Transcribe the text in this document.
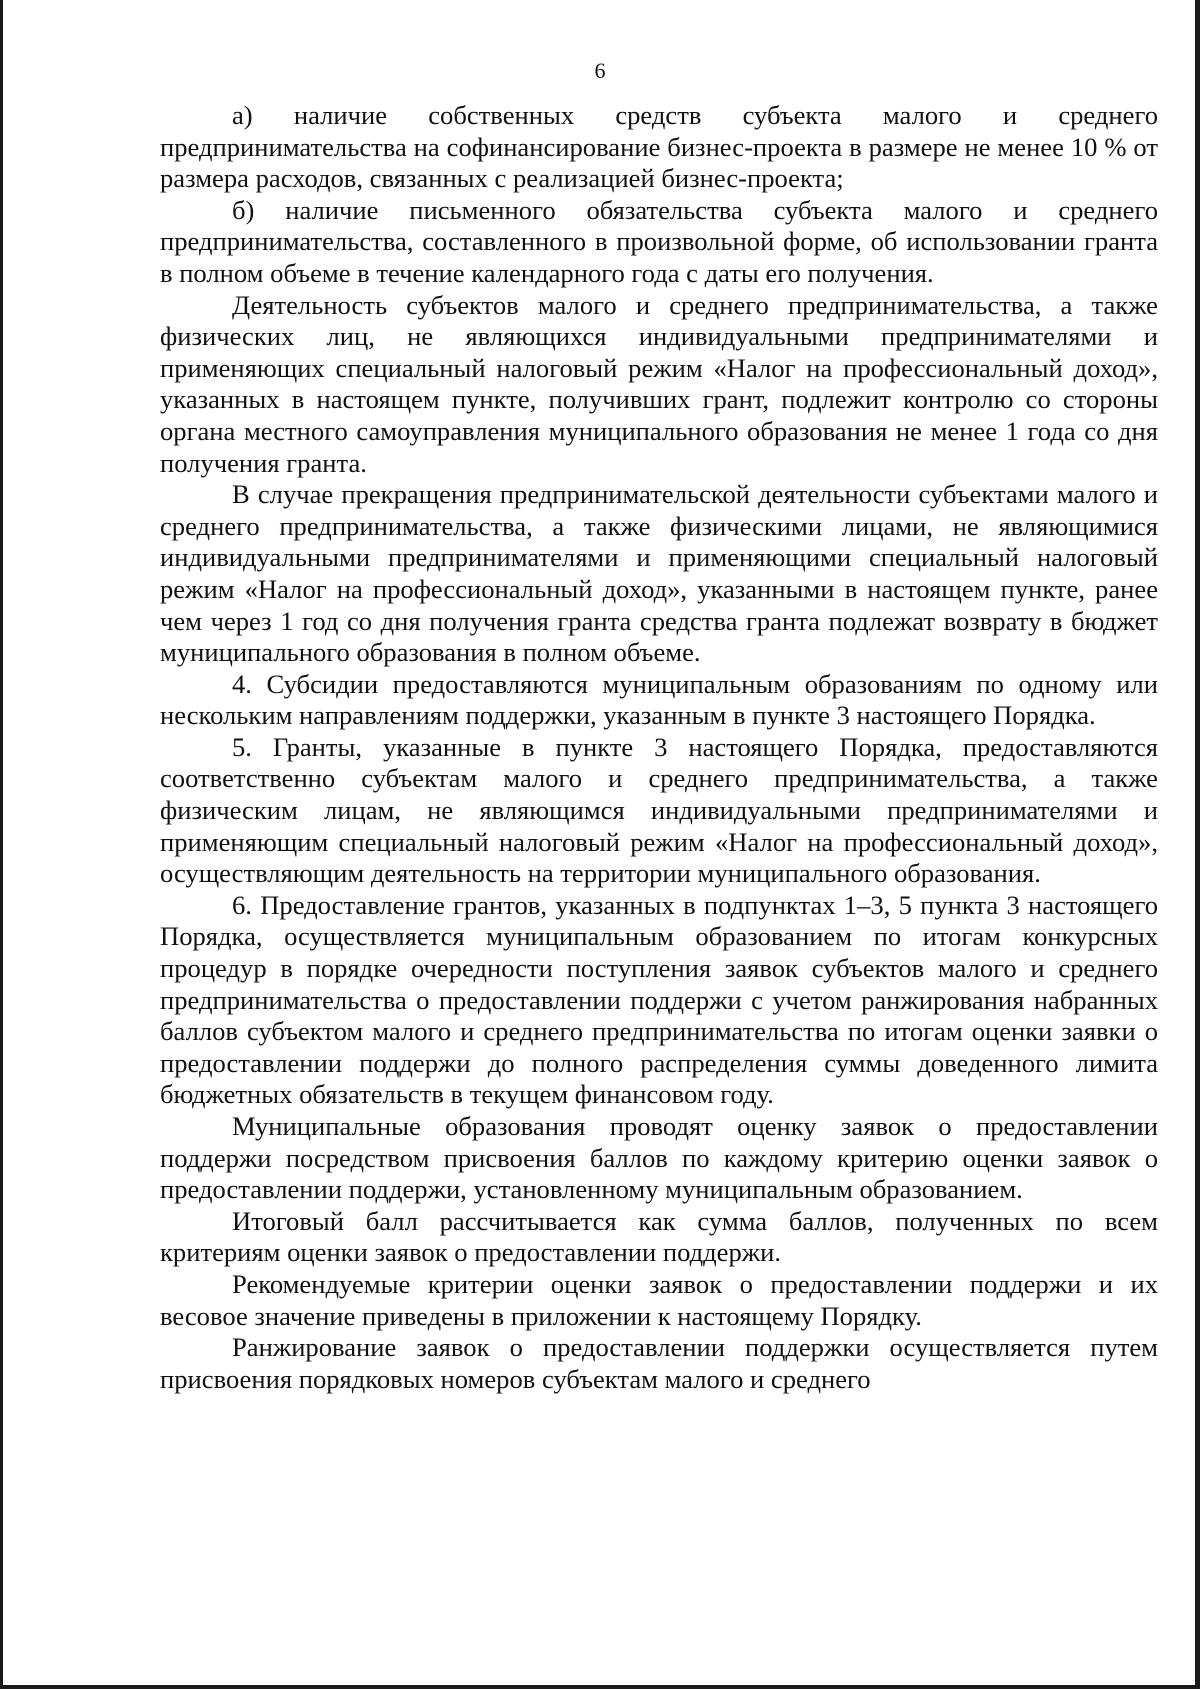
6

а) наличие собственных средств субъекта малого и среднего предпринимательства на софинансирование бизнес-проекта в размере не менее 10 % от размера расходов, связанных с реализацией бизнес-проекта;

б) наличие письменного обязательства субъекта малого и среднего предпринимательства, составленного в произвольной форме, об использовании гранта в полном объеме в течение календарного года с даты его получения.

Деятельность субъектов малого и среднего предпринимательства, а также физических лиц, не являющихся индивидуальными предпринимателями и применяющих специальный налоговый режим «Налог на профессиональный доход», указанных в настоящем пункте, получивших грант, подлежит контролю со стороны органа местного самоуправления муниципального образования не менее 1 года со дня получения гранта.

В случае прекращения предпринимательской деятельности субъектами малого и среднего предпринимательства, а также физическими лицами, не являющимися индивидуальными предпринимателями и применяющими специальный налоговый режим «Налог на профессиональный доход», указанными в настоящем пункте, ранее чем через 1 год со дня получения гранта средства гранта подлежат возврату в бюджет муниципального образования в полном объеме.

4. Субсидии предоставляются муниципальным образованиям по одному или нескольким направлениям поддержки, указанным в пункте 3 настоящего Порядка.

5. Гранты, указанные в пункте 3 настоящего Порядка, предоставляются соответственно субъектам малого и среднего предпринимательства, а также физическим лицам, не являющимся индивидуальными предпринимателями и применяющим специальный налоговый режим «Налог на профессиональный доход», осуществляющим деятельность на территории муниципального образования.

6. Предоставление грантов, указанных в подпунктах 1–3, 5 пункта 3 настоящего Порядка, осуществляется муниципальным образованием по итогам конкурсных процедур в порядке очередности поступления заявок субъектов малого и среднего предпринимательства о предоставлении поддержи с учетом ранжирования набранных баллов субъектом малого и среднего предпринимательства по итогам оценки заявки о предоставлении поддержи до полного распределения суммы доведенного лимита бюджетных обязательств в текущем финансовом году.

Муниципальные образования проводят оценку заявок о предоставлении поддержи посредством присвоения баллов по каждому критерию оценки заявок о предоставлении поддержи, установленному муниципальным образованием.

Итоговый балл рассчитывается как сумма баллов, полученных по всем критериям оценки заявок о предоставлении поддержи.

Рекомендуемые критерии оценки заявок о предоставлении поддержи и их весовое значение приведены в приложении к настоящему Порядку.

Ранжирование заявок о предоставлении поддержки осуществляется путем присвоения порядковых номеров субъектам малого и среднего
